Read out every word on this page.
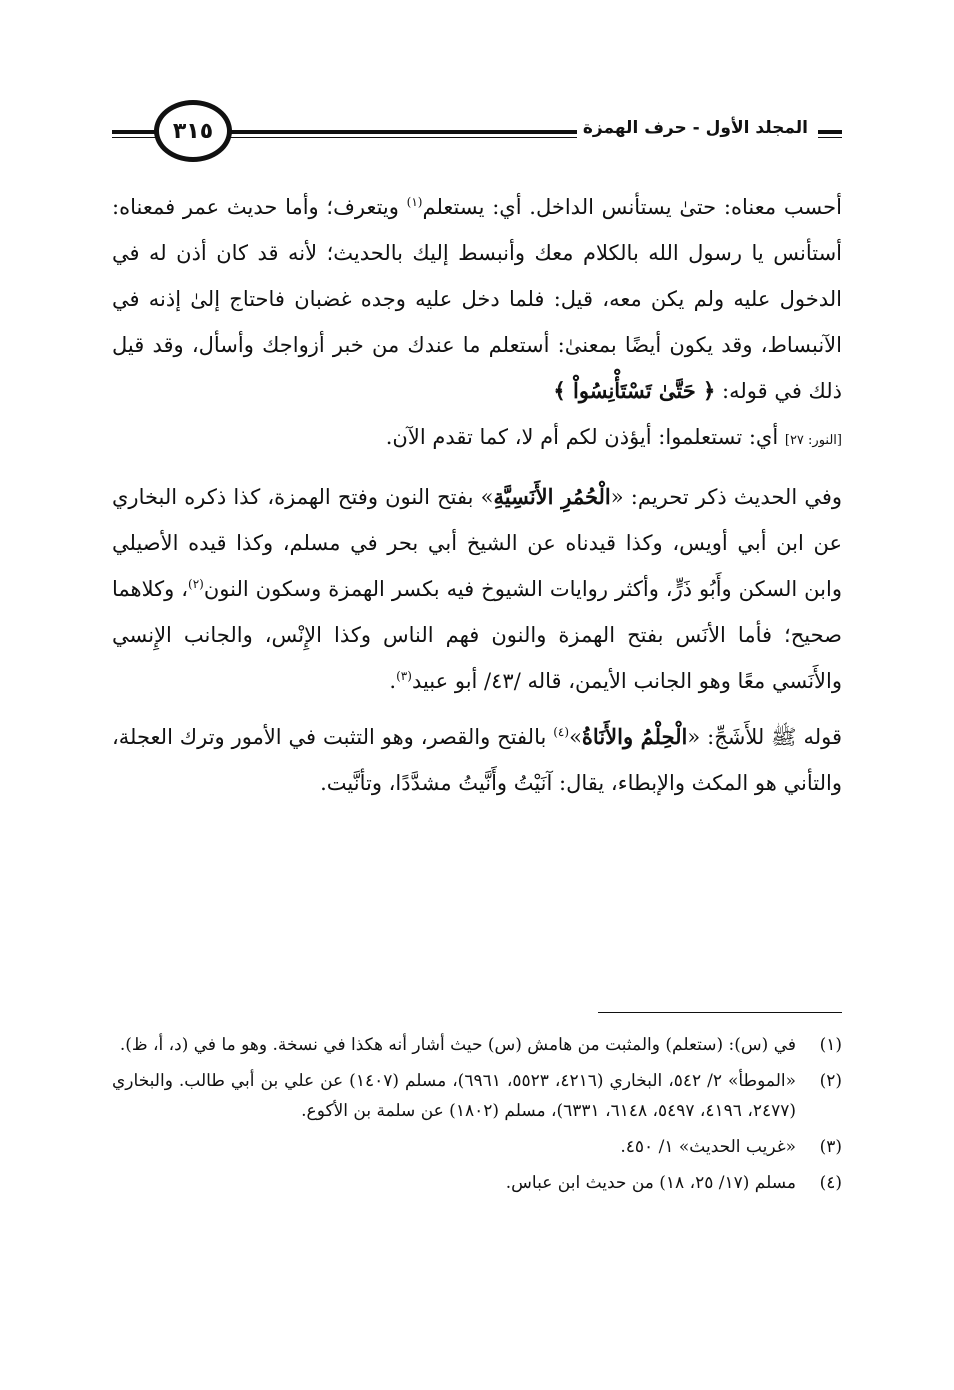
٣١٥	المجلد الأول - حرف الهمزة

أحسب معناه: حتىٰ يستأنس الداخل. أي: يستعلم$^{(١)}$ ويتعرف؛ وأما حديث عمر فمعناه: أستأنس يا رسول الله بالكلام معك وأنبسط إليك بالحديث؛ لأنه قد كان أذن له في الدخول عليه ولم يكن معه، قيل: فلما دخل عليه وجده غضبان فاحتاج إلىٰ إذنه في الآنبساط، وقد يكون أيضًا بمعنىٰ: أستعلم ما عندك من خبر أزواجك وأسأل، وقد قيل ذلك في قوله: ﴿ حَتَّىٰ تَسْتَأْنِسُواْ ﴾
[النور: ٢٧] أي: تستعلموا: أيؤذن لكم أم لا، كما تقدم الآن.

وفي الحديث ذكر تحريم: «الْحُمُرِ الأَنَسِيَّةِ» بفتح النون وفتح الهمزة، كذا ذكره البخاري عن ابن أبي أويس، وكذا قيدناه عن الشيخ أبي بحر في مسلم، وكذا قيده الأصيلي وابن السكن وأَبُو ذَرٍّ، وأكثر روايات الشيوخ فيه بكسر الهمزة وسكون النون$^{(٢)}$، وكلاهما صحيح؛ فأما الأنَس بفتح الهمزة والنون فهم الناس وكذا الإِنْس، والجانب الإِنسي والأَنَسي معًا وهو الجانب الأيمن، قاله /٤٣/ أبو عبيد$^{(٣)}$.

قوله ﷺ للأَشَجِّ: «الْحِلْمُ والأَنَاةُ»$^{(٤)}$ بالفتح والقصر، وهو التثبت في الأمور وترك العجلة، والتأني هو المكث والإبطاء، يقال: آنَيْتُ وأَنَّيتُ مشدَّدًا، وتأنَّيت.

(١)
في (س): (ستعلم) والمثبت من هامش (س) حيث أشار أنه هكذا في نسخة. وهو ما في (د، أ، ظ).
(٢)
«الموطأ» ٢/ ٥٤٢، البخاري (٤٢١٦، ٥٥٢٣، ٦٩٦١)، مسلم (١٤٠٧) عن علي بن أبي طالب. والبخاري (٢٤٧٧، ٤١٩٦، ٥٤٩٧، ٦١٤٨، ٦٣٣١)، مسلم (١٨٠٢) عن سلمة بن الأكوع.
(٣)
«غريب الحديث» ١/ ٤٥٠.
(٤)
مسلم (١٧/ ٢٥، ١٨) من حديث ابن عباس.
